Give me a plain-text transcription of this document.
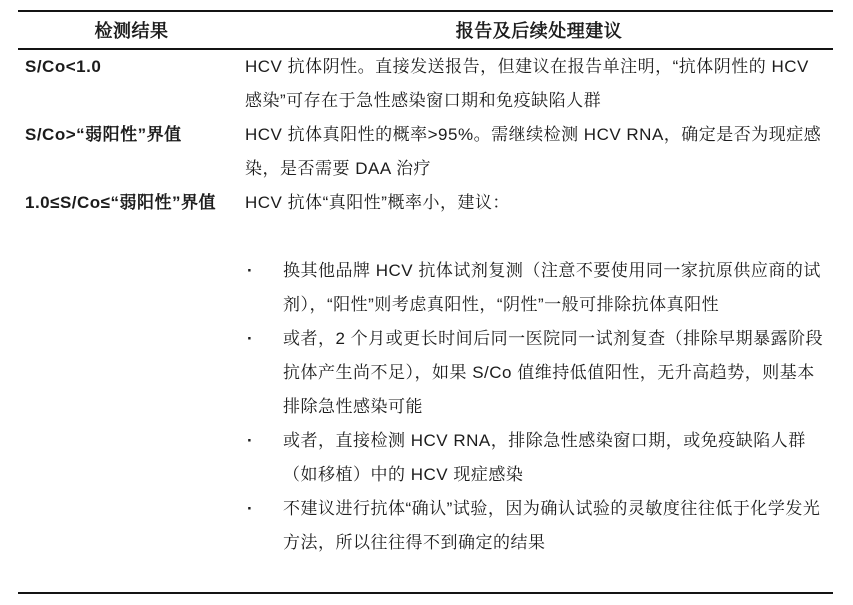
检测结果	报告及后续处理建议
S/Co<1.0	HCV 抗体阴性。直接发送报告，但建议在报告单注明，“抗体阴性的 HCV 感染”可存在于急性感染窗口期和免疫缺陷人群
S/Co>“弱阳性”界值	HCV 抗体真阳性的概率>95%。需继续检测 HCV RNA，确定是否为现症感染，是否需要 DAA 治疗
1.0≤S/Co≤“弱阳性”界值	HCV 抗体“真阳性”概率小，建议：
· 换其他品牌 HCV 抗体试剂复测（注意不要使用同一家抗原供应商的试剂），“阳性”则考虑真阳性，“阴性”一般可排除抗体真阳性
· 或者，2 个月或更长时间后同一医院同一试剂复查（排除早期暴露阶段抗体产生尚不足），如果 S/Co 值维持低值阳性，无升高趋势，则基本排除急性感染可能
· 或者，直接检测 HCV RNA，排除急性感染窗口期，或免疫缺陷人群（如移植）中的 HCV 现症感染
· 不建议进行抗体“确认”试验，因为确认试验的灵敏度往往低于化学发光方法，所以往往得不到确定的结果
